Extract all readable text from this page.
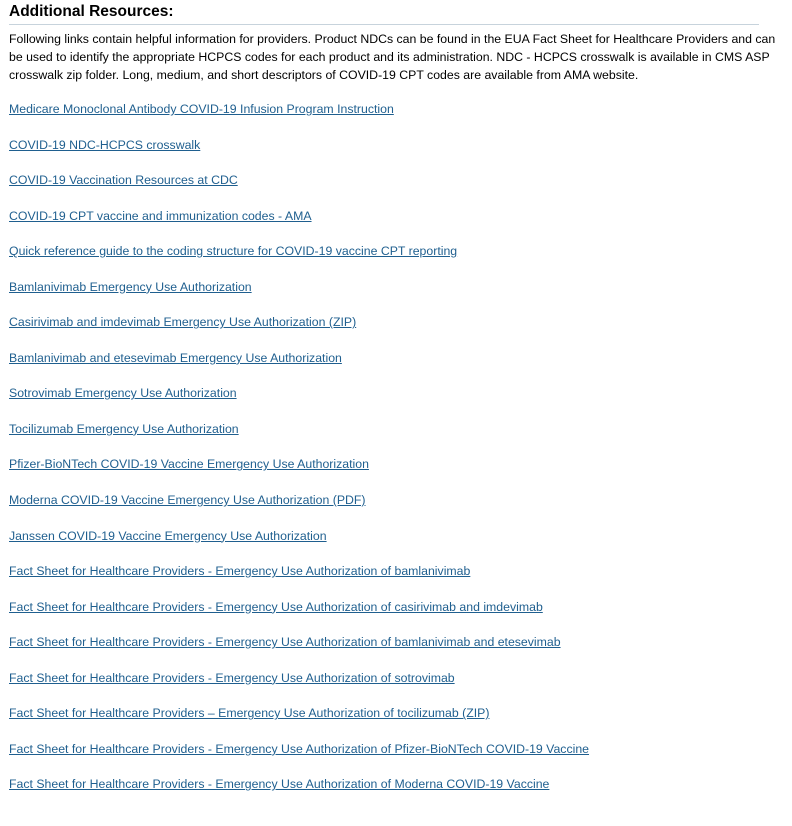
Additional Resources:

Following links contain helpful information for providers. Product NDCs can be found in the EUA Fact Sheet for Healthcare Providers and can be used to identify the appropriate HCPCS codes for each product and its administration. NDC - HCPCS crosswalk is available in CMS ASP crosswalk zip folder. Long, medium, and short descriptors of COVID-19 CPT codes are available from AMA website.

Medicare Monoclonal Antibody COVID-19 Infusion Program Instruction
COVID-19 NDC-HCPCS crosswalk
COVID-19 Vaccination Resources at CDC
COVID-19 CPT vaccine and immunization codes - AMA
Quick reference guide to the coding structure for COVID-19 vaccine CPT reporting
Bamlanivimab Emergency Use Authorization
Casirivimab and imdevimab Emergency Use Authorization (ZIP)
Bamlanivimab and etesevimab Emergency Use Authorization
Sotrovimab Emergency Use Authorization
Tocilizumab Emergency Use Authorization
Pfizer-BioNTech COVID-19 Vaccine Emergency Use Authorization
Moderna COVID-19 Vaccine Emergency Use Authorization (PDF)
Janssen COVID-19 Vaccine Emergency Use Authorization
Fact Sheet for Healthcare Providers - Emergency Use Authorization of bamlanivimab
Fact Sheet for Healthcare Providers - Emergency Use Authorization of casirivimab and imdevimab
Fact Sheet for Healthcare Providers - Emergency Use Authorization of bamlanivimab and etesevimab
Fact Sheet for Healthcare Providers - Emergency Use Authorization of sotrovimab
Fact Sheet for Healthcare Providers – Emergency Use Authorization of tocilizumab (ZIP)
Fact Sheet for Healthcare Providers - Emergency Use Authorization of Pfizer-BioNTech COVID-19 Vaccine
Fact Sheet for Healthcare Providers - Emergency Use Authorization of Moderna COVID-19 Vaccine
